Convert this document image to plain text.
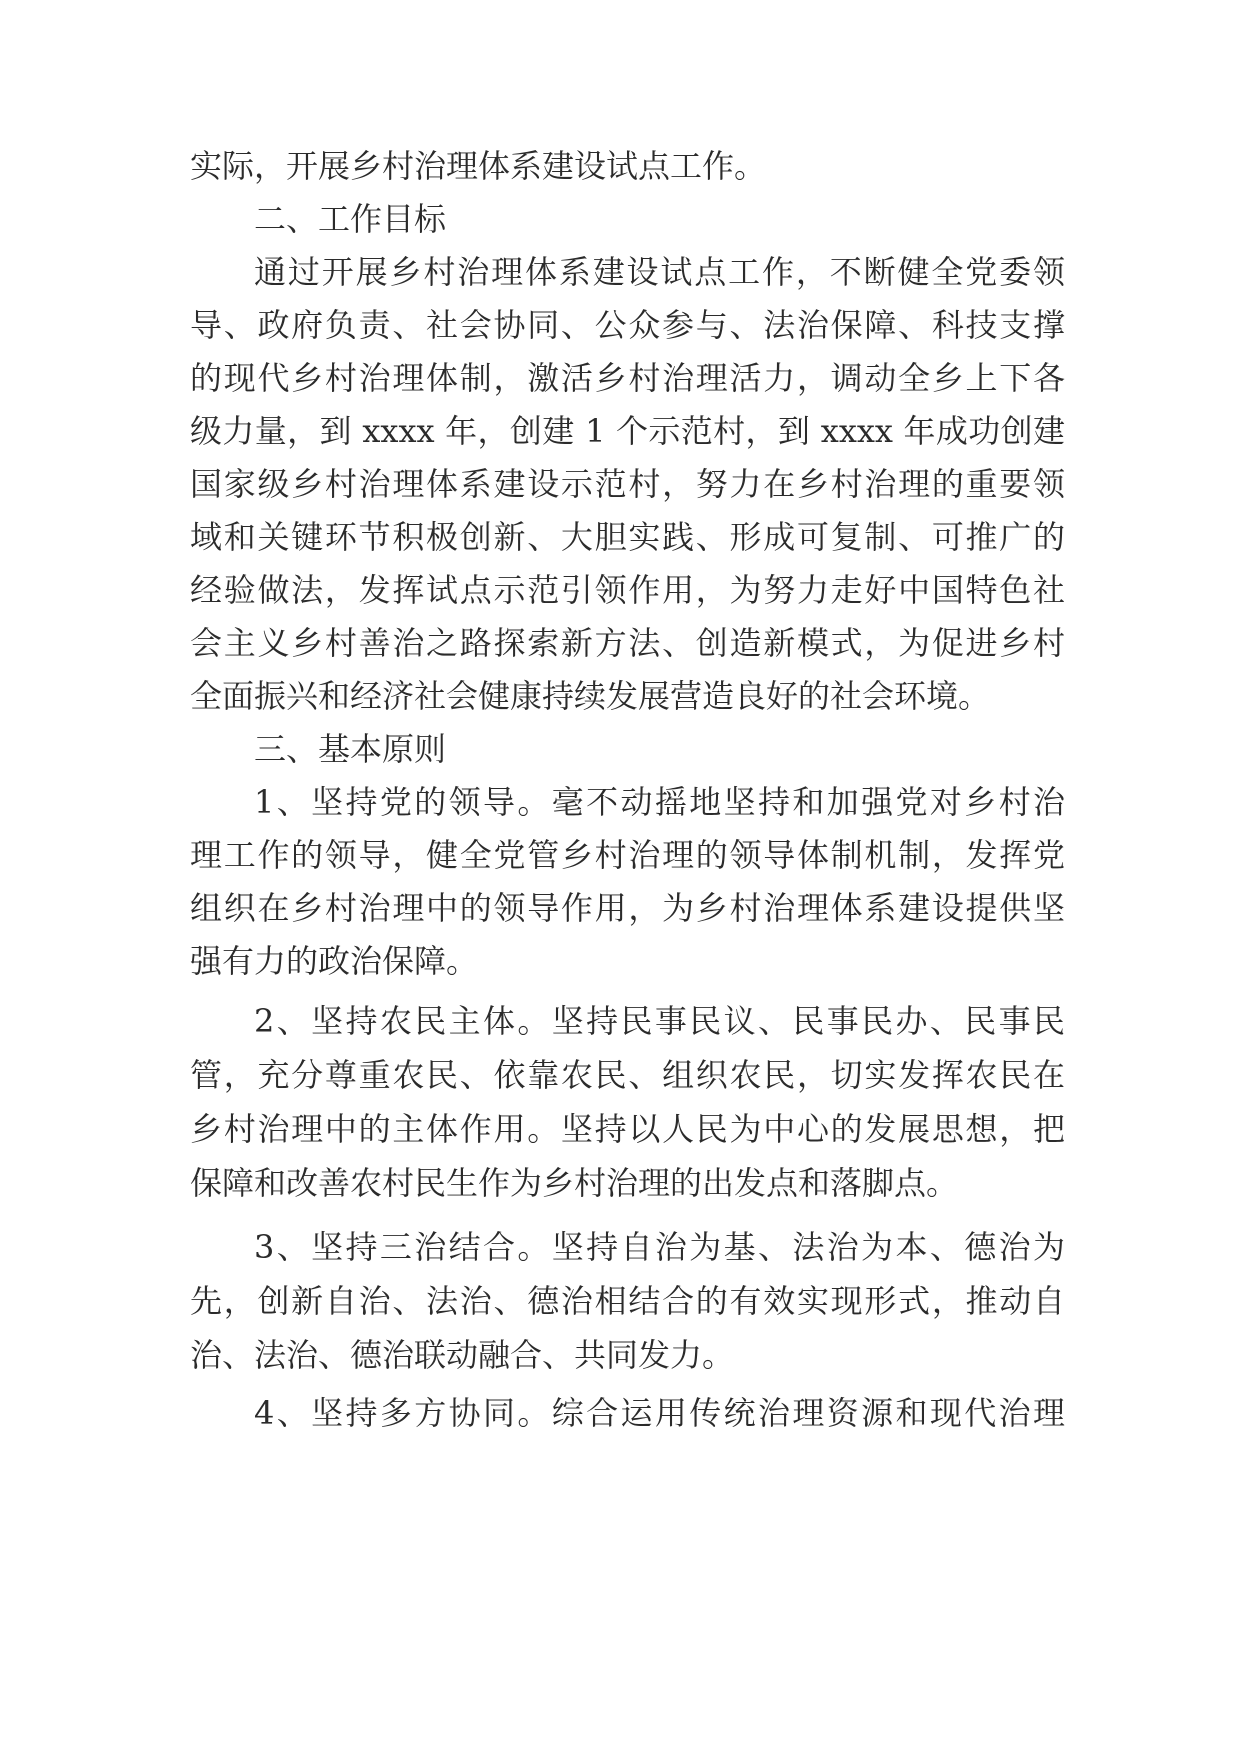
实际，开展乡村治理体系建设试点工作。
二、工作目标
通过开展乡村治理体系建设试点工作，不断健全党委领
导、政府负责、社会协同、公众参与、法治保障、科技支撑
的现代乡村治理体制，激活乡村治理活力，调动全乡上下各
级力量，到 xxxx 年，创建 1 个示范村，到 xxxx 年成功创建
国家级乡村治理体系建设示范村，努力在乡村治理的重要领
域和关键环节积极创新、大胆实践、形成可复制、可推广的
经验做法，发挥试点示范引领作用，为努力走好中国特色社
会主义乡村善治之路探索新方法、创造新模式，为促进乡村
全面振兴和经济社会健康持续发展营造良好的社会环境。
三、基本原则
1、坚持党的领导。毫不动摇地坚持和加强党对乡村治
理工作的领导，健全党管乡村治理的领导体制机制，发挥党
组织在乡村治理中的领导作用，为乡村治理体系建设提供坚
强有力的政治保障。
2、坚持农民主体。坚持民事民议、民事民办、民事民
管，充分尊重农民、依靠农民、组织农民，切实发挥农民在
乡村治理中的主体作用。坚持以人民为中心的发展思想，把
保障和改善农村民生作为乡村治理的出发点和落脚点。
3、坚持三治结合。坚持自治为基、法治为本、德治为
先，创新自治、法治、德治相结合的有效实现形式，推动自
治、法治、德治联动融合、共同发力。
4、坚持多方协同。综合运用传统治理资源和现代治理
